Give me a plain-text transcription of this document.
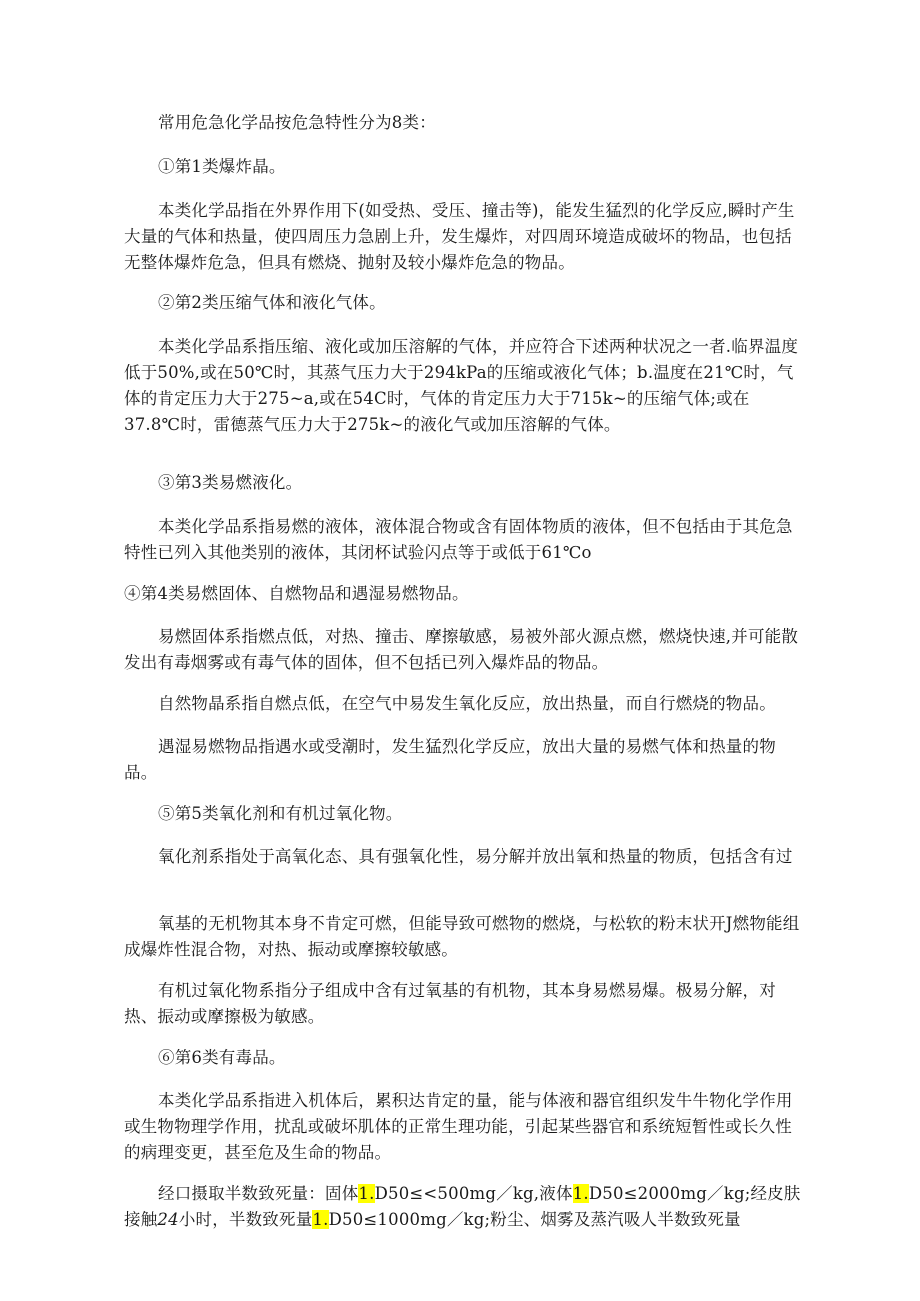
常用危急化学品按危急特性分为8类：

①第1类爆炸晶。

本类化学品指在外界作用下(如受热、受压、撞击等)，能发生猛烈的化学反应,瞬时产生大量的气体和热量，使四周压力急剧上升，发生爆炸，对四周环境造成破坏的物品，也包括无整体爆炸危急，但具有燃烧、抛射及较小爆炸危急的物品。

②第2类压缩气体和液化气体。

本类化学品系指压缩、液化或加压溶解的气体，并应符合下述两种状况之一者.临界温度低于50%,或在50℃时，其蒸气压力大于294kPa的压缩或液化气体；b.温度在21℃时，气体的肯定压力大于275~a,或在54C时，气体的肯定压力大于715k~的压缩气体;或在37.8℃时，雷德蒸气压力大于275k~的液化气或加压溶解的气体。

③第3类易燃液化。

本类化学品系指易燃的液体，液体混合物或含有固体物质的液体，但不包括由于其危急特性已列入其他类别的液体，其闭杯试验闪点等于或低于61℃o

④第4类易燃固体、自燃物品和遇湿易燃物品。

易燃固体系指燃点低，对热、撞击、摩擦敏感，易被外部火源点燃，燃烧快速,并可能散发出有毒烟雾或有毒气体的固体，但不包括已列入爆炸品的物品。

自然物晶系指自燃点低，在空气中易发生氧化反应，放出热量，而自行燃烧的物品。

遇湿易燃物品指遇水或受潮时，发生猛烈化学反应，放出大量的易燃气体和热量的物品。

⑤第5类氧化剂和有机过氧化物。

氧化剂系指处于高氧化态、具有强氧化性，易分解并放出氧和热量的物质，包括含有过

氧基的无机物其本身不肯定可燃，但能导致可燃物的燃烧，与松软的粉末状开J燃物能组成爆炸性混合物，对热、振动或摩擦较敏感。

有机过氧化物系指分子组成中含有过氧基的有机物，其本身易燃易爆。极易分解，对热、振动或摩擦极为敏感。

⑥第6类有毒品。

本类化学品系指进入机体后，累积达肯定的量，能与体液和器官组织发牛牛物化学作用或生物物理学作用，扰乱或破坏肌体的正常生理功能，引起某些器官和系统短暂性或长久性的病理变更，甚至危及生命的物品。

经口摄取半数致死量：固体1.D50≤<500mg／kg,液体1.D50≤2000mg／kg;经皮肤接触24小时，半数致死量1.D50≤1000mg／kg;粉尘、烟雾及蒸汽吸人半数致死量
